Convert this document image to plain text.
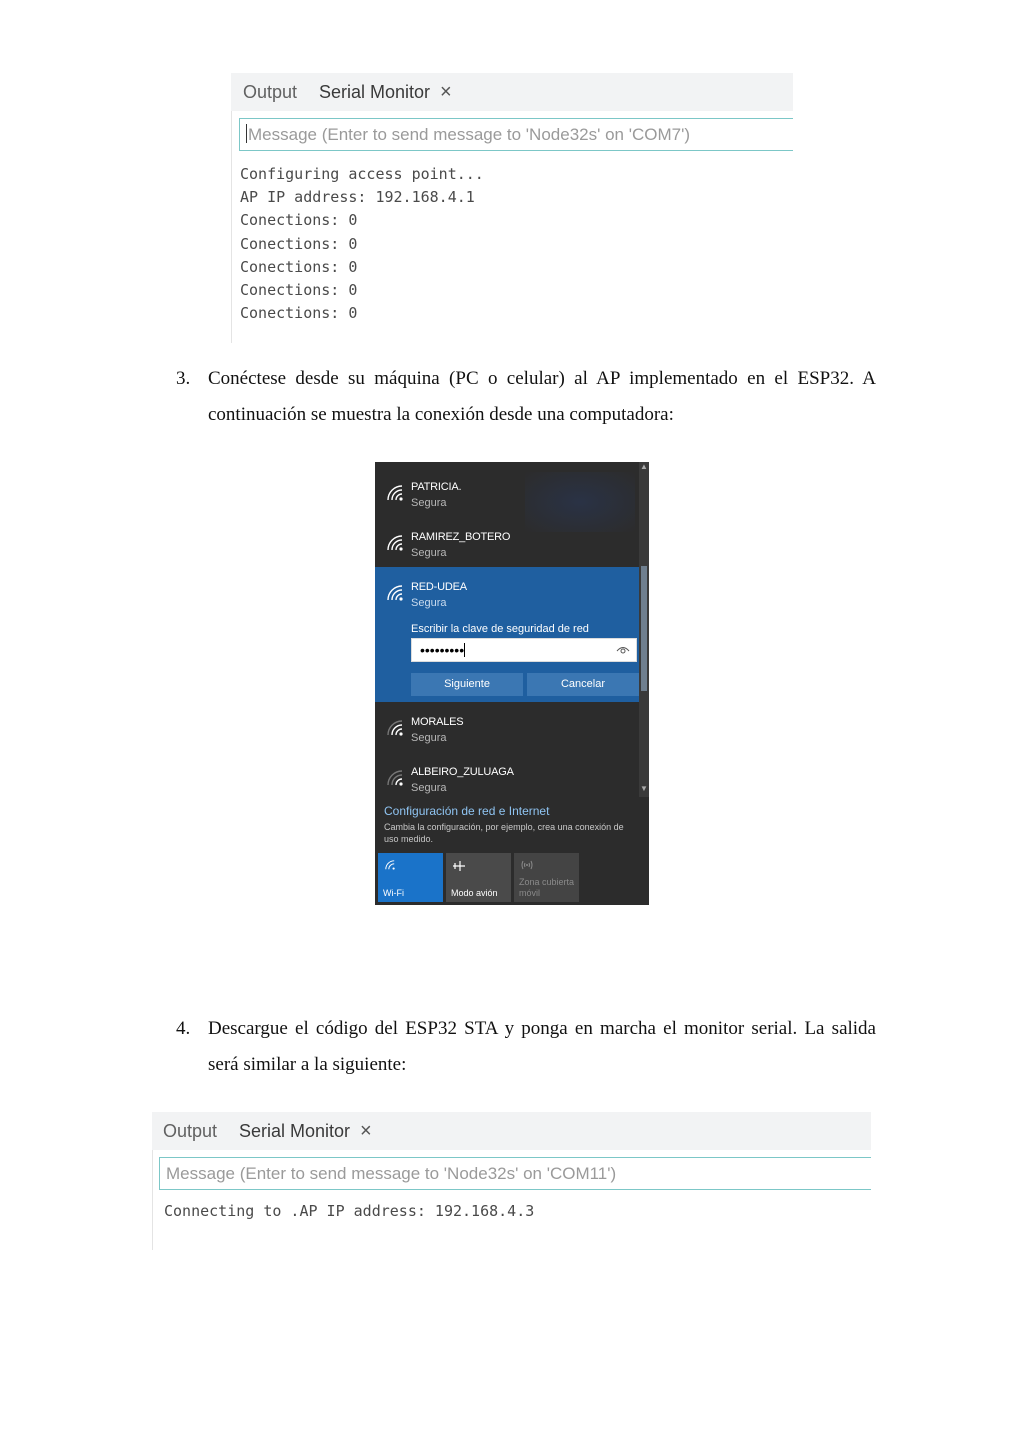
Output Serial Monitor ×
Message (Enter to send message to 'Node32s' on 'COM7')
Configuring access point...
AP IP address: 192.168.4.1
Conections: 0
Conections: 0
Conections: 0
Conections: 0
Conections: 0
3. Conéctese desde su máquina (PC o celular) al AP implementado en el ESP32. A continuación se muestra la conexión desde una computadora:
PATRICIA.
Segura
RAMIREZ_BOTERO
Segura
RED-UDEA
Segura
Escribir la clave de seguridad de red
•••••••••
Siguiente	Cancelar
MORALES
Segura
ALBEIRO_ZULUAGA
Segura
▲
▼
Configuración de red e Internet
Cambia la configuración, por ejemplo, crea una conexión de uso medido.
Wi-Fi	Modo avión
Zona cubierta móvil
4. Descargue el código del ESP32 STA y ponga en marcha el monitor serial. La salida será similar a la siguiente:
Output Serial Monitor ×
Message (Enter to send message to 'Node32s' on 'COM11')
Connecting to .AP IP address: 192.168.4.3
